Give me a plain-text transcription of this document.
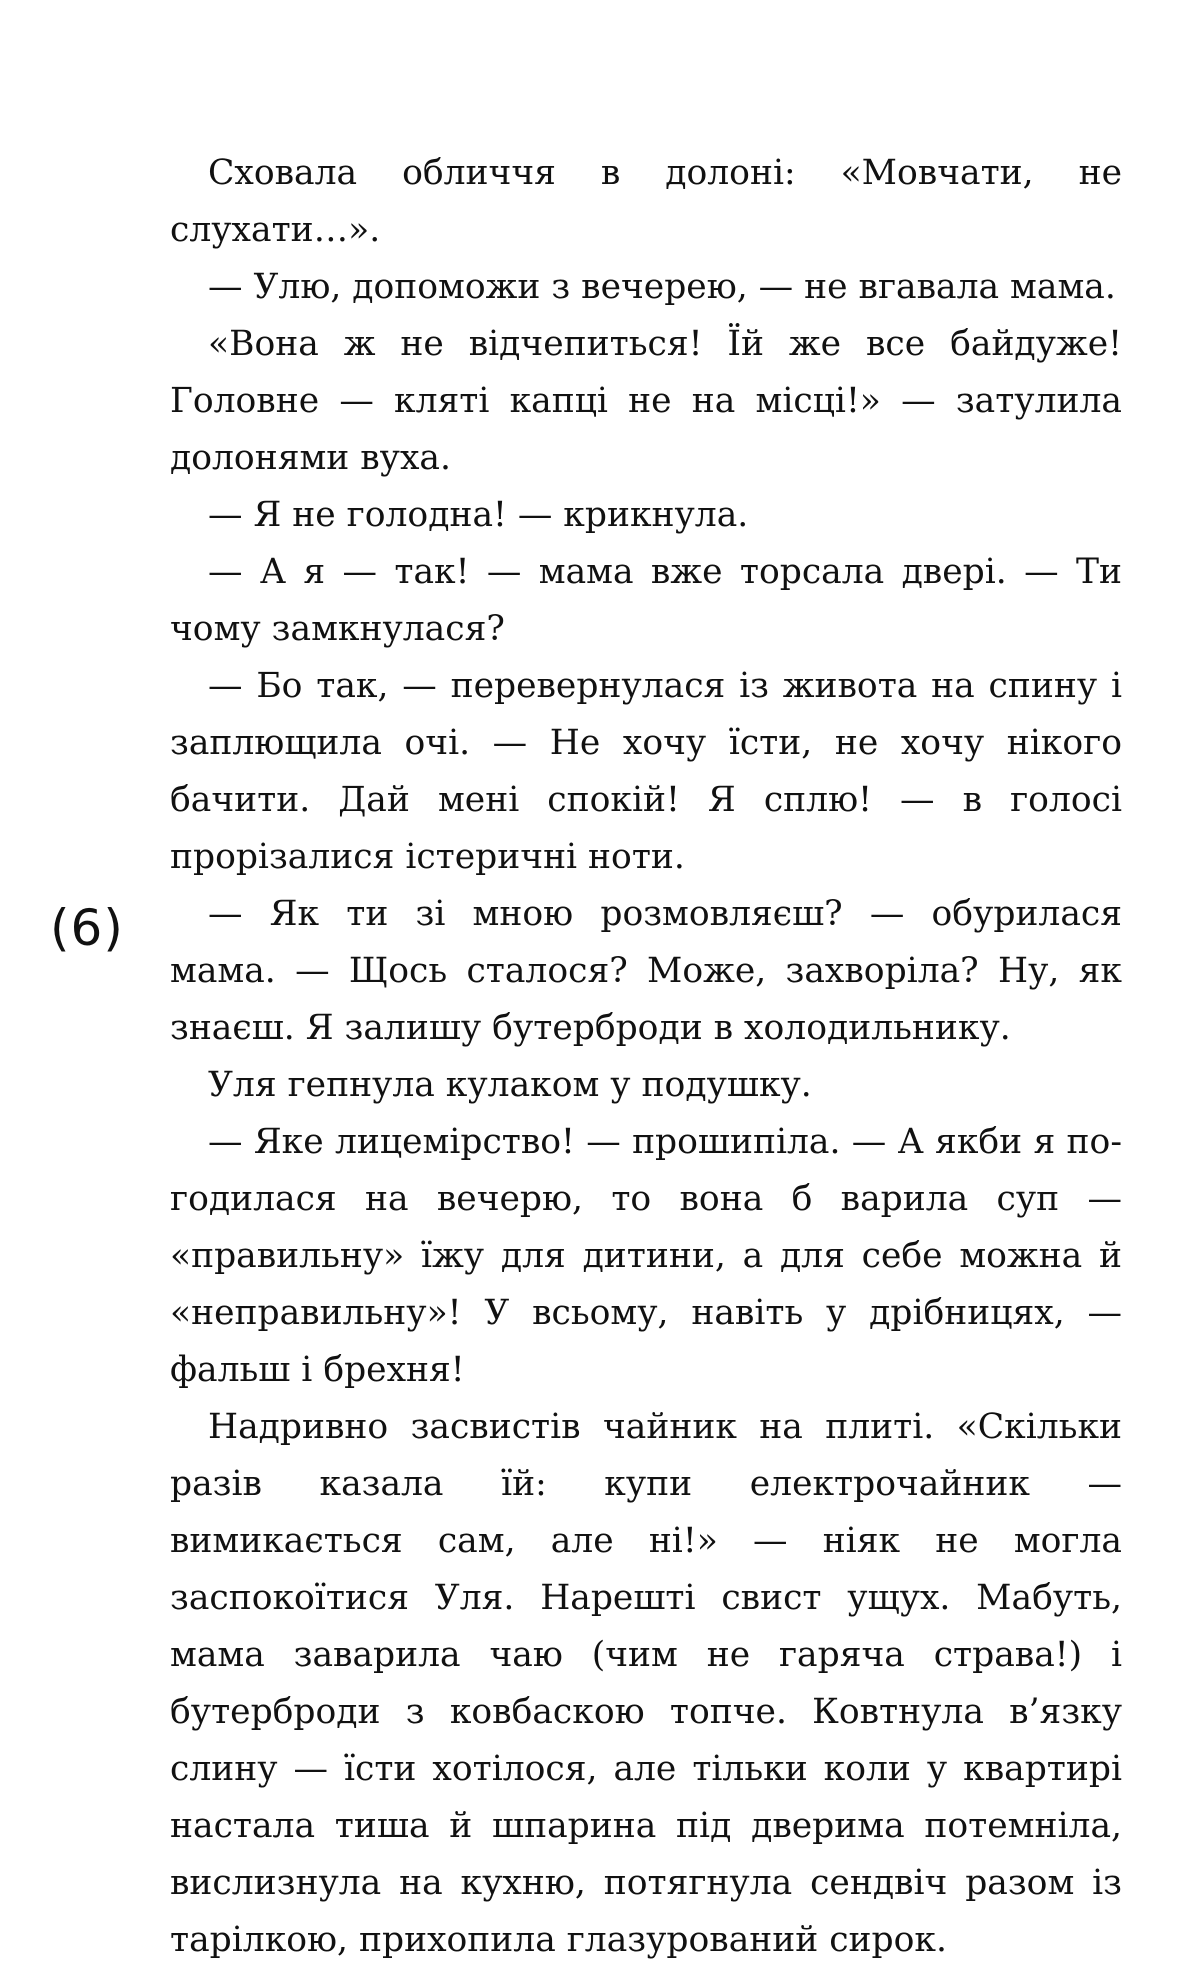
Сховала обличчя в долоні: «Мовчати, не слухати…».

— Улю, допоможи з вечерею, — не вгавала мама.

«Вона ж не відчепиться! Їй же все байдуже! Головне — кляті капці не на місці!» — затулила долонями вуха.

— Я не голодна! — крикнула.

— А я — так! — мама вже торсала двері. — Ти чому замкнулася?

— Бо так, — перевернулася із живота на спину і заплющила очі. — Не хочу їсти, не хочу нікого бачити. Дай мені спокій! Я сплю! — в голосі прорізалися істеричні ноти.

— Як ти зі мною розмовляєш? — обурилася мама. — Щось сталося? Може, захворіла? Ну, як знаєш. Я залишу бутерброди в холодильнику.

Уля гепнула кулаком у подушку.

— Яке лицемірство! — прошипіла. — А якби я погодилася на вечерю, то вона б варила суп — «правильну» їжу для дитини, а для себе можна й «неправильну»! У всьому, навіть у дрібницях, — фальш і брехня!

Надривно засвистів чайник на плиті. «Скільки разів казала їй: купи електрочайник — вимикається сам, але ні!» — ніяк не могла заспокоїтися Уля. Нарешті свист ущух. Мабуть, мама заварила чаю (чим не гаряча страва!) і бутерброди з ковбаскою топче. Ковтнула в’язку слину — їсти хотілося, але тільки коли у квартирі настала тиша й шпарина під дверима потемніла, вислизнула на кухню, потягнула сендвіч разом із тарілкою, прихопила глазурований сирок.

(6)
